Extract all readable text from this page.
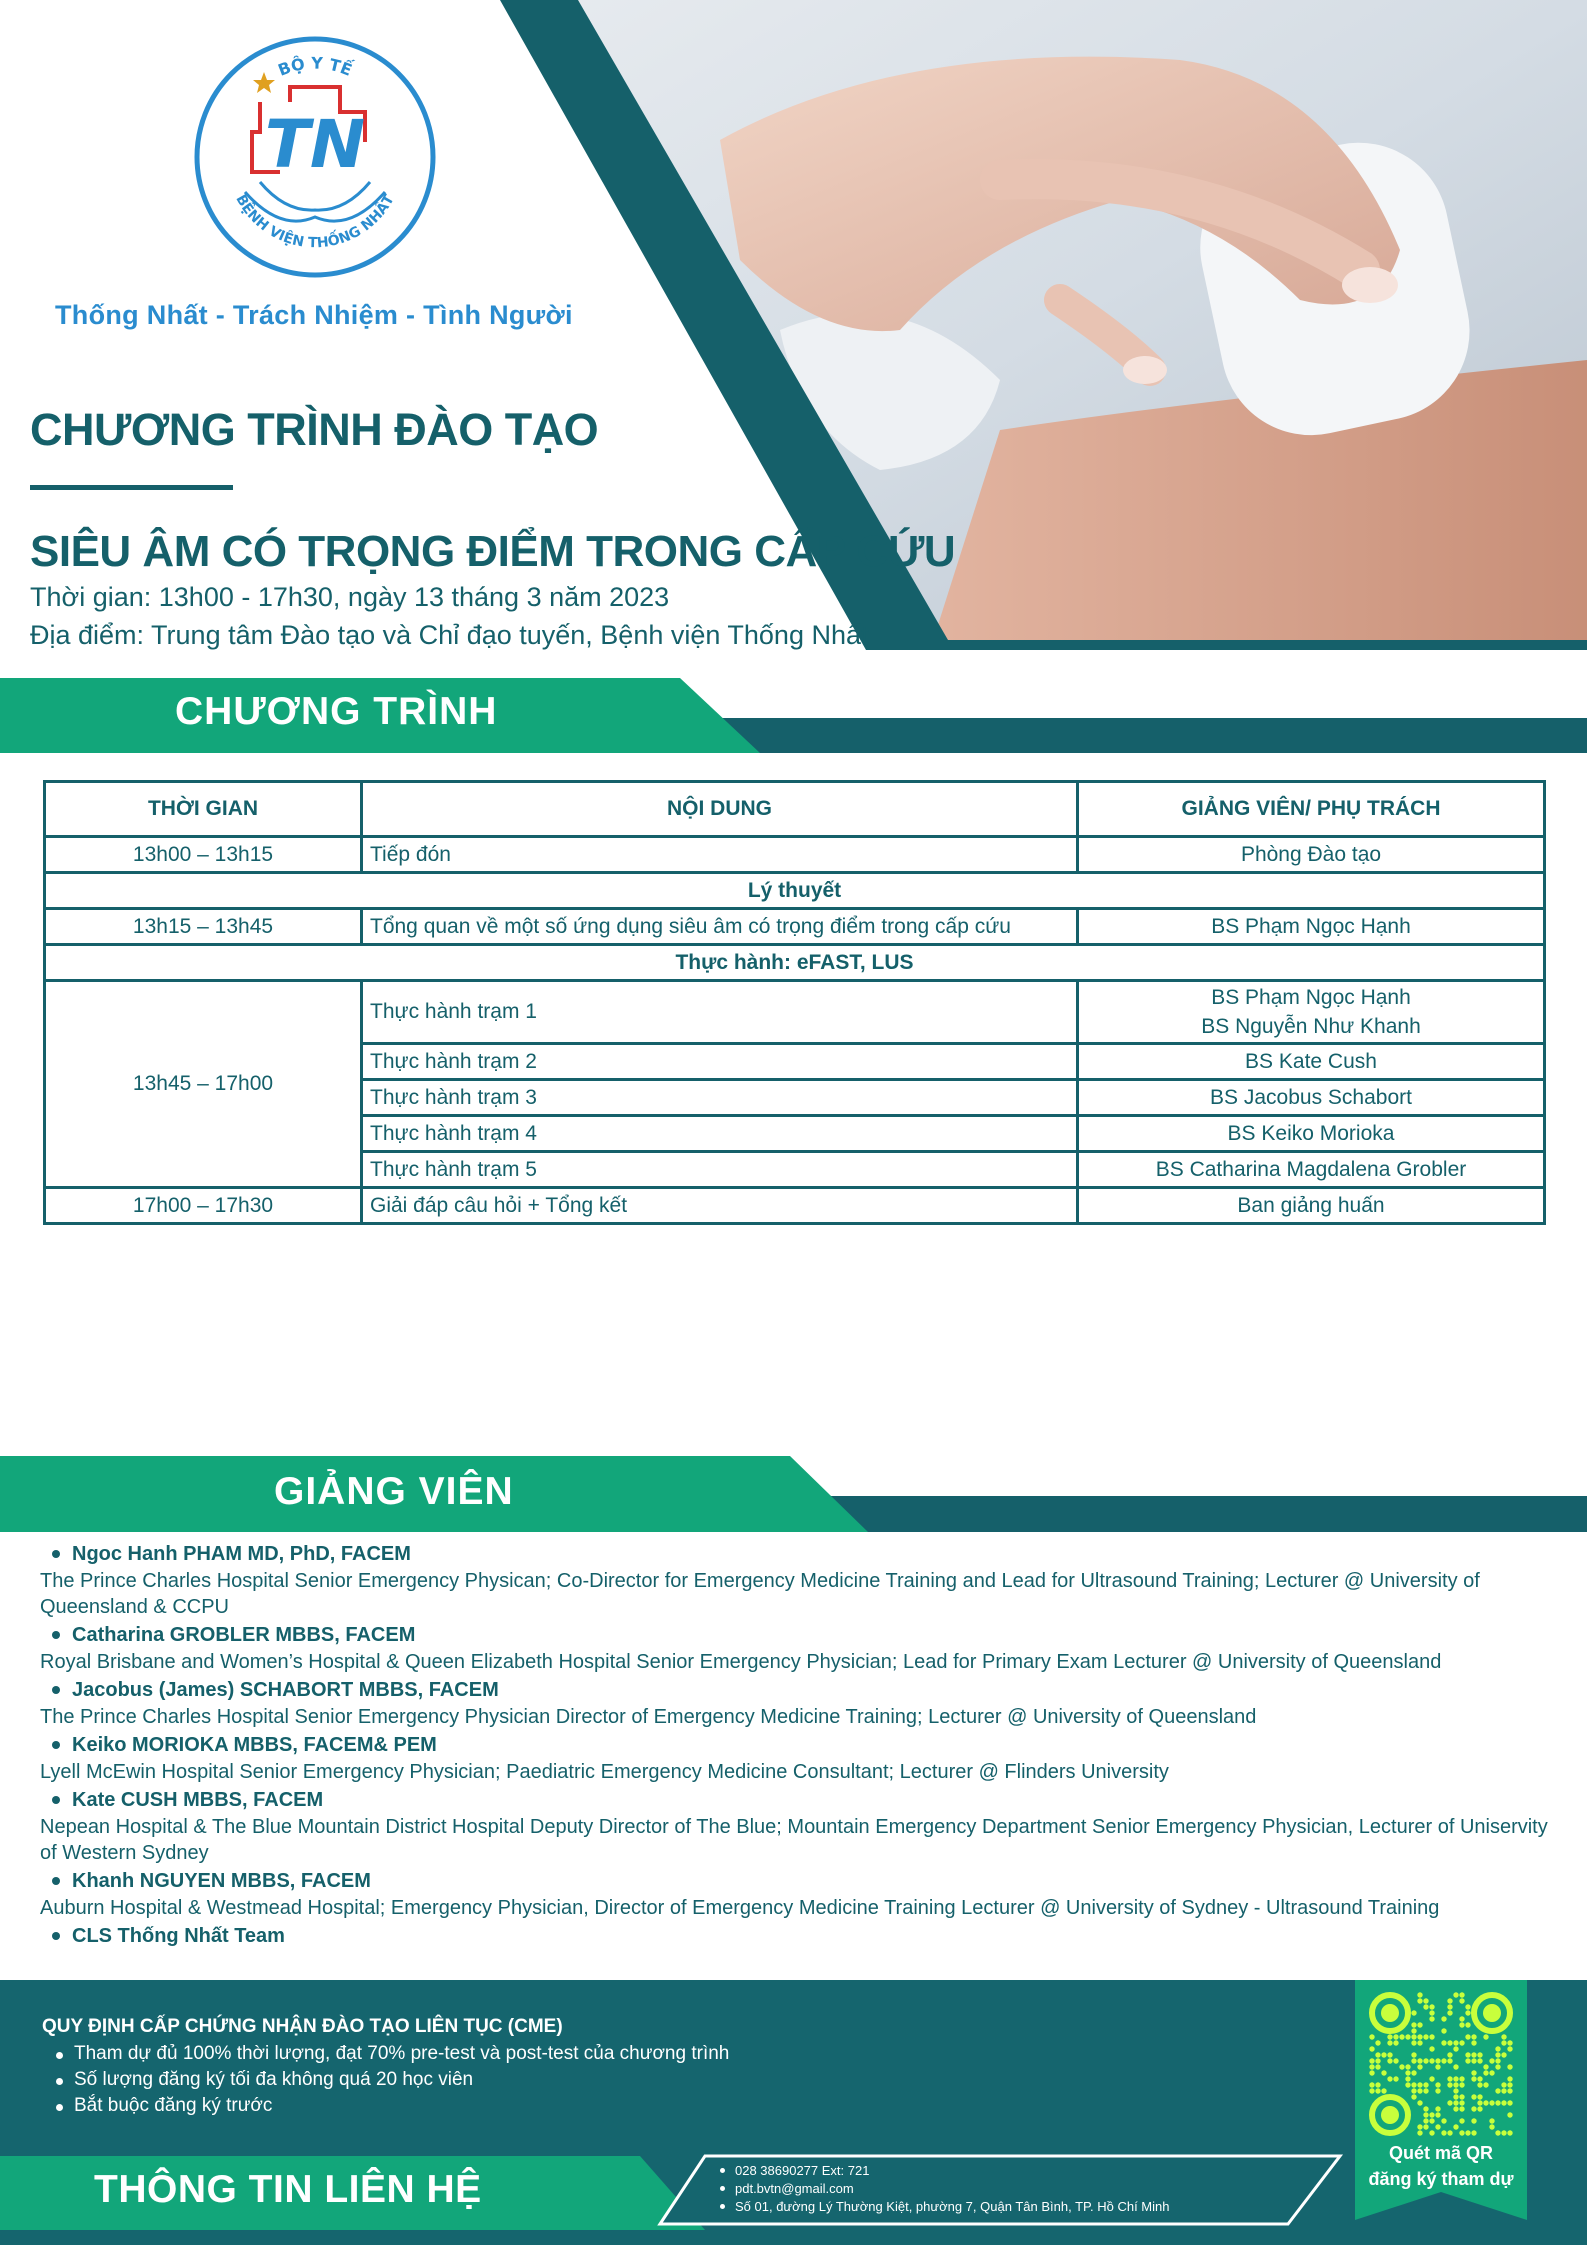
BỘ Y TẾ
TN
BỆNH VIỆN THỐNG NHẤT
Thống Nhất - Trách Nhiệm - Tình Người
CHƯƠNG TRÌNH ĐÀO TẠO
SIÊU ÂM CÓ TRỌNG ĐIỂM TRONG CẤP CỨU
Thời gian: 13h00 - 17h30, ngày 13 tháng 3 năm 2023
Địa điểm: Trung tâm Đào tạo và Chỉ đạo tuyến, Bệnh viện Thống Nhất
CHƯƠNG TRÌNH
THỜI GIAN	NỘI DUNG	GIẢNG VIÊN/ PHỤ TRÁCH
13h00 – 13h15	Tiếp đón	Phòng Đào tạo
Lý thuyết		
13h15 – 13h45	Tổng quan về một số ứng dụng siêu âm có trọng điểm trong cấp cứu	BS Phạm Ngọc Hạnh
Thực hành: eFAST, LUS		
13h45 – 17h00	Thực hành trạm 1	BS Phạm Ngọc Hạnh
BS Nguyễn Như Khanh

	Thực hành trạm 2	BS Kate Cush
	Thực hành trạm 3	BS Jacobus Schabort
	Thực hành trạm 4	BS Keiko Morioka
	Thực hành trạm 5	BS Catharina Magdalena Grobler
17h00 – 17h30	Giải đáp câu hỏi + Tổng kết	Ban giảng huấn
GIẢNG VIÊN
Ngoc Hanh PHAM MD, PhD, FACEM
The Prince Charles Hospital Senior Emergency Physican; Co-Director for Emergency Medicine Training and Lead for Ultrasound Training; Lecturer @ University of Queensland & CCPU
Catharina GROBLER MBBS, FACEM
Royal Brisbane and Women’s Hospital & Queen Elizabeth Hospital Senior Emergency Physician; Lead for Primary Exam Lecturer @ University of Queensland
Jacobus (James) SCHABORT MBBS, FACEM
The Prince Charles Hospital Senior Emergency Physician Director of Emergency Medicine Training; Lecturer @ University of Queensland
Keiko MORIOKA MBBS, FACEM& PEM
Lyell McEwin Hospital Senior Emergency Physician; Paediatric Emergency Medicine Consultant; Lecturer @ Flinders University
Kate CUSH MBBS, FACEM
Nepean Hospital & The Blue Mountain District Hospital Deputy Director of The Blue; Mountain Emergency Department Senior Emergency Physician, Lecturer of Uniservity of Western Sydney
Khanh NGUYEN MBBS, FACEM
Auburn Hospital & Westmead Hospital; Emergency Physician, Director of Emergency Medicine Training Lecturer @ University of Sydney - Ultrasound Training
CLS Thống Nhất Team
QUY ĐỊNH CẤP CHỨNG NHẬN ĐÀO TẠO LIÊN TỤC (CME)
Tham dự đủ 100% thời lượng, đạt 70% pre-test và post-test của chương trình
Số lượng đăng ký tối đa không quá 20 học viên
Bắt buộc đăng ký trước
THÔNG TIN LIÊN HỆ	028 38690277 Ext: 721
pdt.bvtn@gmail.com
Số 01, đường Lý Thường Kiệt, phường 7, Quận Tân Bình, TP. Hồ Chí Minh
Quét mã QR
đăng ký tham dự
